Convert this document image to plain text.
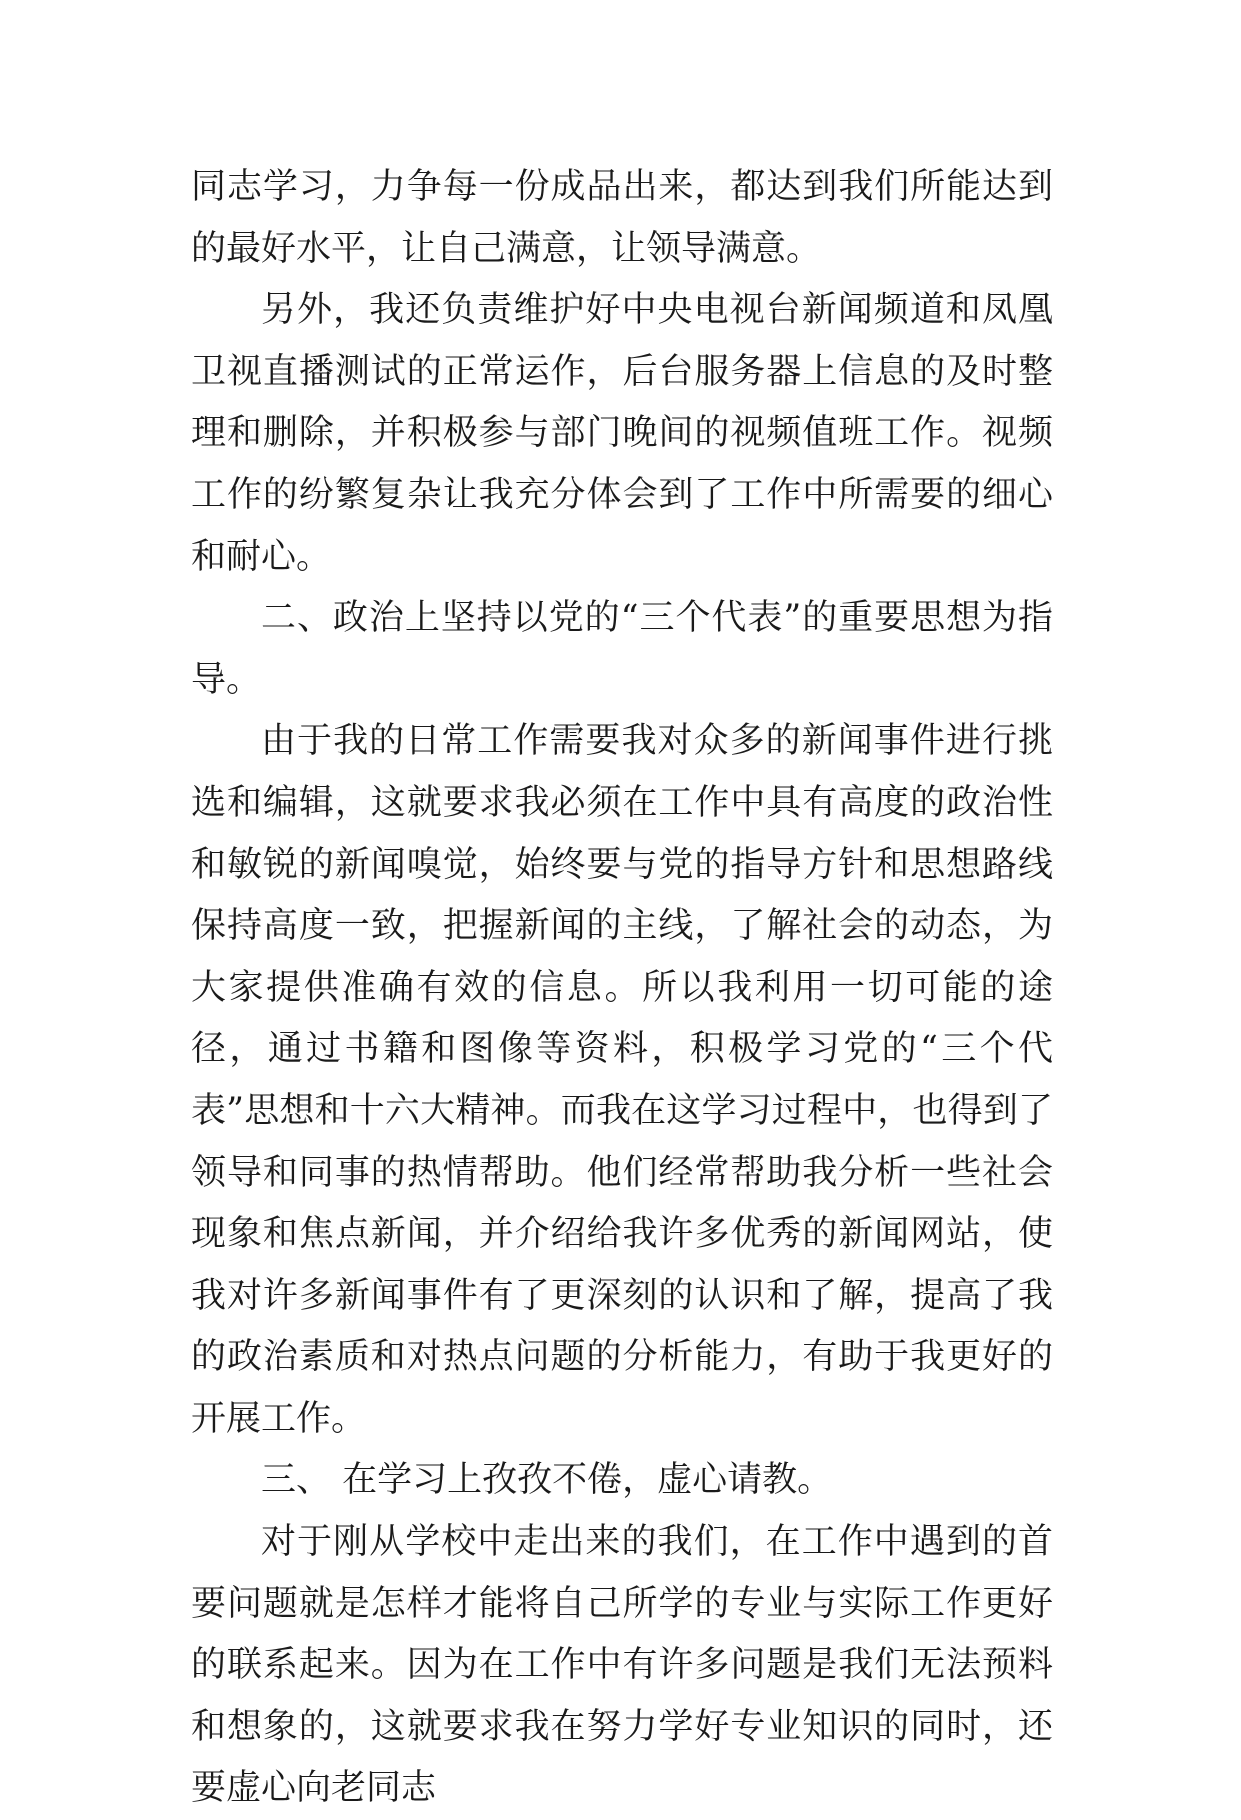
同志学习，力争每一份成品出来，都达到我们所能达到的最好水平，让自己满意，让领导满意。

另外，我还负责维护好中央电视台新闻频道和凤凰卫视直播测试的正常运作，后台服务器上信息的及时整理和删除，并积极参与部门晚间的视频值班工作。视频工作的纷繁复杂让我充分体会到了工作中所需要的细心和耐心。

二、政治上坚持以党的“三个代表”的重要思想为指导。

由于我的日常工作需要我对众多的新闻事件进行挑选和编辑，这就要求我必须在工作中具有高度的政治性和敏锐的新闻嗅觉，始终要与党的指导方针和思想路线保持高度一致，把握新闻的主线，了解社会的动态，为大家提供准确有效的信息。所以我利用一切可能的途径，通过书籍和图像等资料，积极学习党的“三个代表”思想和十六大精神。而我在这学习过程中，也得到了领导和同事的热情帮助。他们经常帮助我分析一些社会现象和焦点新闻，并介绍给我许多优秀的新闻网站，使我对许多新闻事件有了更深刻的认识和了解，提高了我的政治素质和对热点问题的分析能力，有助于我更好的开展工作。

三、 在学习上孜孜不倦，虚心请教。

对于刚从学校中走出来的我们，在工作中遇到的首要问题就是怎样才能将自己所学的专业与实际工作更好的联系起来。因为在工作中有许多问题是我们无法预料和想象的，这就要求我在努力学好专业知识的同时，还要虚心向老同志
